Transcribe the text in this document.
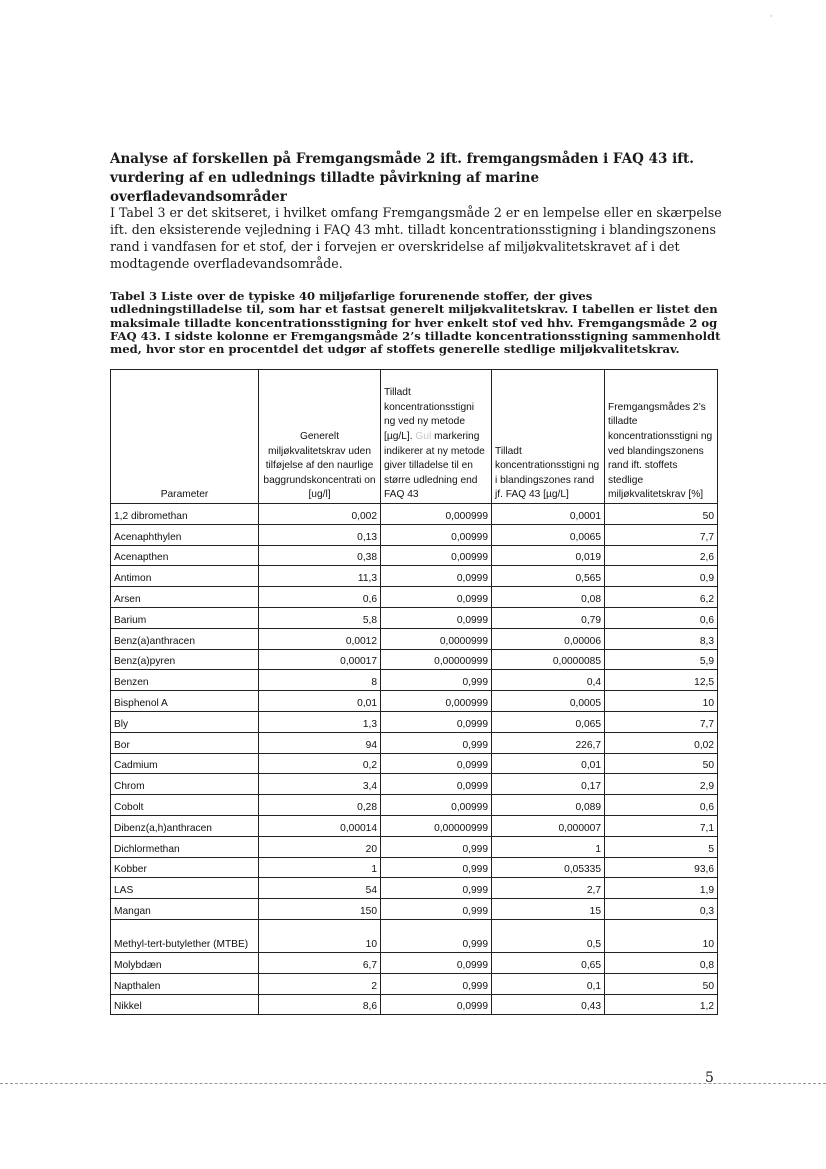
Analyse af forskellen på Fremgangsmåde 2 ift. fremgangsmåden i FAQ 43 ift. vurdering af en udlednings tilladte påvirkning af marine overfladevandsområder

I Tabel 3 er det skitseret, i hvilket omfang Fremgangsmåde 2 er en lempelse eller en skærpelse ift. den eksisterende vejledning i FAQ 43 mht. tilladt koncentrationsstigning i blandingszonens rand i vandfasen for et stof, der i forvejen er overskridelse af miljøkvalitetskravet af i det modtagende overfladevandsområde.

Tabel 3 Liste over de typiske 40 miljøfarlige forurenende stoffer, der gives udledningstilladelse til, som har et fastsat generelt miljøkvalitetskrav. I tabellen er listet den maksimale tilladte koncentrationsstigning for hver enkelt stof ved hhv. Fremgangsmåde 2 og FAQ 43. I sidste kolonne er Fremgangsmåde 2’s tilladte koncentrationsstigning sammenholdt med, hvor stor en procentdel det udgør af stoffets generelle stedlige miljøkvalitetskrav.

Parameter	Generelt miljøkvalitetskrav uden tilføjelse af den naurlige baggrundskoncentrati on [ug/l]	Tilladt koncentrationsstigni ng ved ny metode [µg/L]. Gul markering indikerer at ny metode giver tilladelse til en større udledning end FAQ 43	Tilladt koncentrationsstigni ng i blandingszones rand jf. FAQ 43 [µg/L]	Fremgangsmådes 2’s tilladte koncentrationsstigni ng ved blandingszonens rand ift. stoffets stedlige miljøkvalitetskrav [%]
1,2 dibromethan	0,002	0,000999	0,0001	50
Acenaphthylen	0,13	0,00999	0,0065	7,7
Acenapthen	0,38	0,00999	0,019	2,6
Antimon	11,3	0,0999	0,565	0,9
Arsen	0,6	0,0999	0,08	6,2
Barium	5,8	0,0999	0,79	0,6
Benz(a)anthracen	0,0012	0,0000999	0,00006	8,3
Benz(a)pyren	0,00017	0,00000999	0,0000085	5,9
Benzen	8	0,999	0,4	12,5
Bisphenol A	0,01	0,000999	0,0005	10
Bly	1,3	0,0999	0,065	7,7
Bor	94	0,999	226,7	0,02
Cadmium	0,2	0,0999	0,01	50
Chrom	3,4	0,0999	0,17	2,9
Cobolt	0,28	0,00999	0,089	0,6
Dibenz(a,h)anthracen	0,00014	0,00000999	0,000007	7,1
Dichlormethan	20	0,999	1	5
Kobber	1	0,999	0,05335	93,6
LAS	54	0,999	2,7	1,9
Mangan	150	0,999	15	0,3
Methyl-tert-butylether (MTBE)	10	0,999	0,5	10
Molybdæn	6,7	0,0999	0,65	0,8
Napthalen	2	0,999	0,1	50
Nikkel	8,6	0,0999	0,43	1,2
5
·
